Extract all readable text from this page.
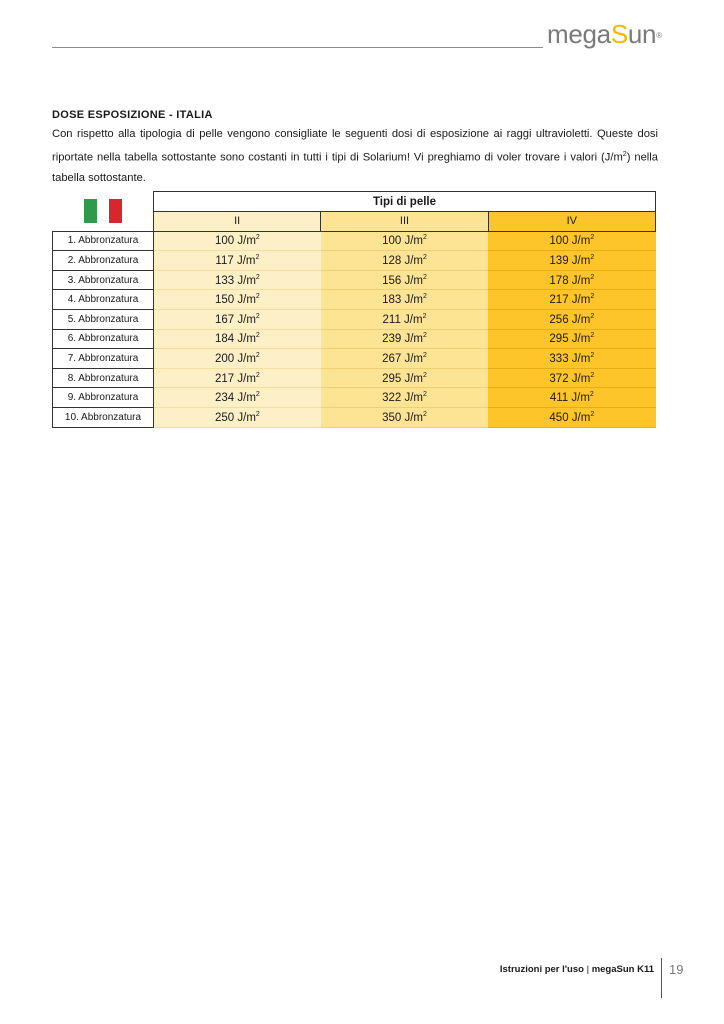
megaSun®
DOSE ESPOSIZIONE - ITALIA

Con rispetto alla tipologia di pelle vengono consigliate le seguenti dosi di esposizione ai raggi ultravioletti. Queste dosi riportate nella tabella sottostante sono costanti in tutti i tipi di Solarium! Vi preghiamo di voler trovare i valori $(J/m^2)$ nella tabella sottostante.

	Tipi di pelle		
	II	III	IV
1. Abbronzatura	100 $J/m^2$	100 $J/m^2$	100 $J/m^2$
2. Abbronzatura	117 $J/m^2$	128 $J/m^2$	139 $J/m^2$
3. Abbronzatura	133 $J/m^2$	156 $J/m^2$	178 $J/m^2$
4. Abbronzatura	150 $J/m^2$	183 $J/m^2$	217 $J/m^2$
5. Abbronzatura	167 $J/m^2$	211 $J/m^2$	256 $J/m^2$
6. Abbronzatura	184 $J/m^2$	239 $J/m^2$	295 $J/m^2$
7. Abbronzatura	200 $J/m^2$	267 $J/m^2$	333 $J/m^2$
8. Abbronzatura	217 $J/m^2$	295 $J/m^2$	372 $J/m^2$
9. Abbronzatura	234 $J/m^2$	322 $J/m^2$	411 $J/m^2$
10. Abbronzatura	250 $J/m^2$	350 $J/m^2$	450 $J/m^2$
Istruzioni per l'uso | megaSun K11 19
